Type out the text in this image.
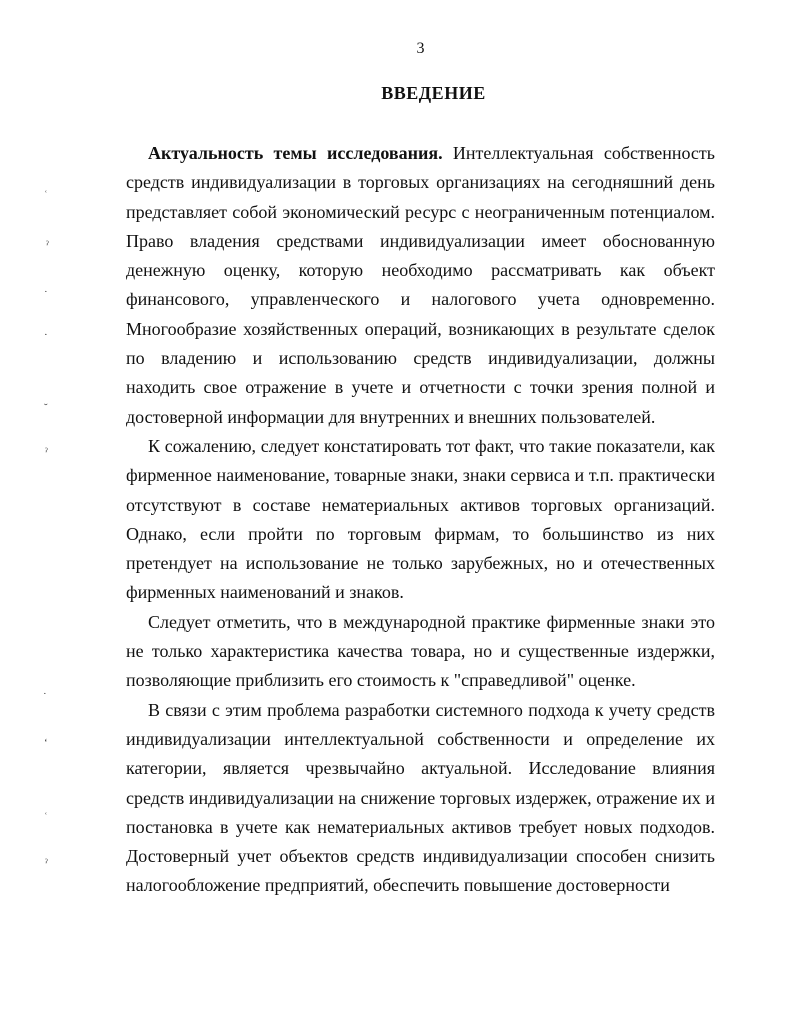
3
ВВЕДЕНИЕ
ʿ
ˀ
˙
·
˘
ˀ
˙
ʻ
ʿ
ˀ

Актуальность темы исследования. Интеллектуальная собственность средств индивидуализации в торговых организациях на сегодняшний день представляет собой экономический ресурс с неограниченным потенциалом. Право владения средствами индивидуализации имеет обоснованную денежную оценку, которую необходимо рассматривать как объект финансового, управленческого и налогового учета одновременно. Многообразие хозяйственных операций, возникающих в результате сделок по владению и использованию средств индивидуализации, должны находить свое отражение в учете и отчетности с точки зрения полной и достоверной информации для внутренних и внешних пользователей.

К сожалению, следует констатировать тот факт, что такие показатели, как фирменное наименование, товарные знаки, знаки сервиса и т.п. практически отсутствуют в составе нематериальных активов торговых организаций. Однако, если пройти по торговым фирмам, то большинство из них претендует на использование не только зарубежных, но и отечественных фирменных наименований и знаков.

Следует отметить, что в международной практике фирменные знаки это не только характеристика качества товара, но и существенные издержки, позволяющие приблизить его стоимость к "справедливой" оценке.

В связи с этим проблема разработки системного подхода к учету средств индивидуализации интеллектуальной собственности и определение их категории, является чрезвычайно актуальной. Исследование влияния средств индивидуализации на снижение торговых издержек, отражение их и постановка в учете как нематериальных активов требует новых подходов. Достоверный учет объектов средств индивидуализации способен снизить налогообложение предприятий, обеспечить повышение достоверности
